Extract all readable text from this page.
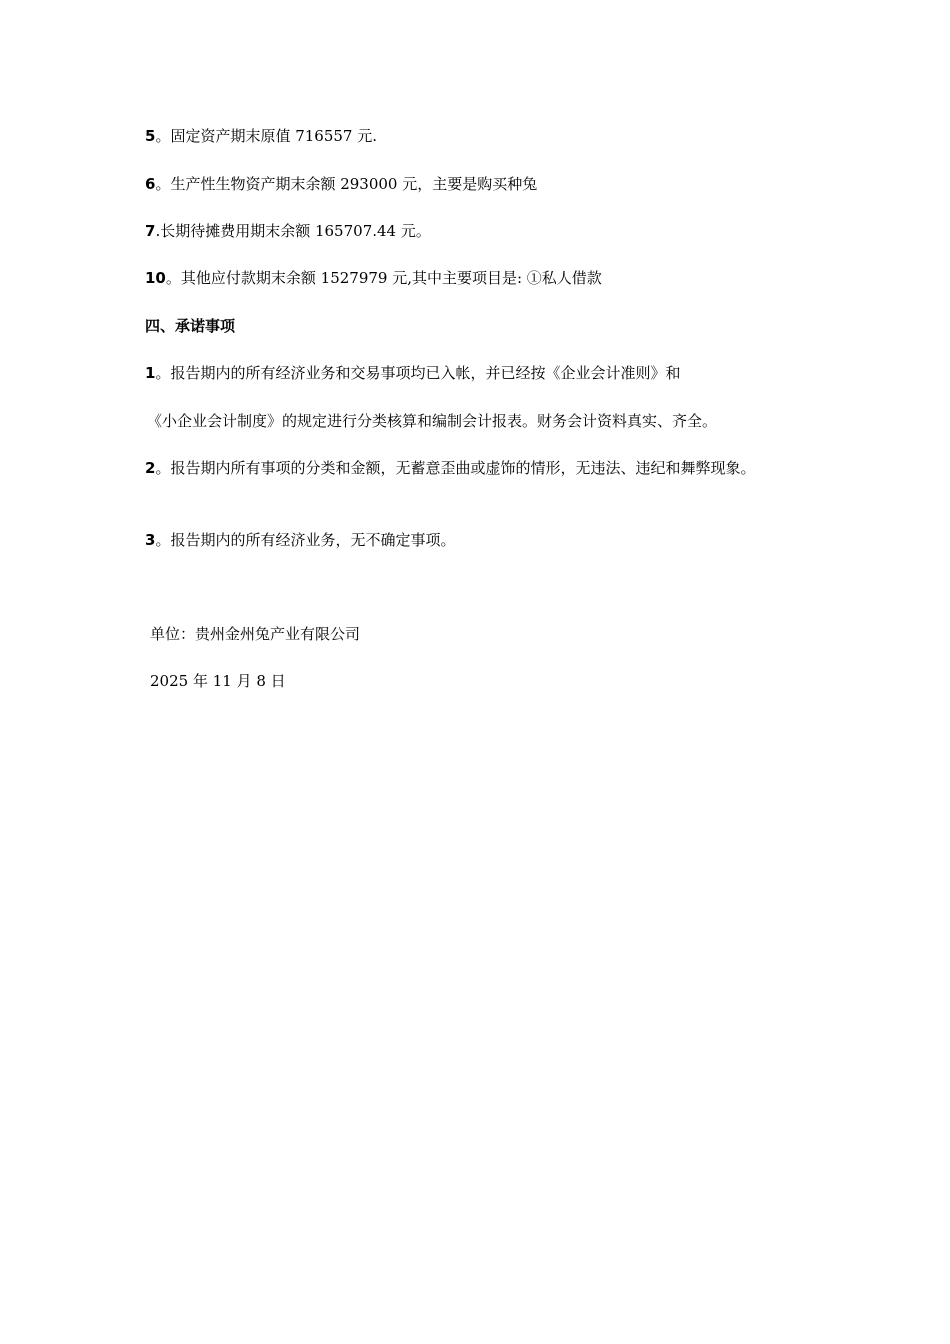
5。固定资产期末原值 716557 元.
6。生产性生物资产期末余额 293000 元，主要是购买种兔
7.长期待摊费用期末余额 165707.44 元。
10。其他应付款期末余额 1527979 元,其中主要项目是: ①私人借款
四、承诺事项
1。报告期内的所有经济业务和交易事项均已入帐，并已经按《企业会计准则》和
《小企业会计制度》的规定进行分类核算和编制会计报表。财务会计资料真实、齐全。
2。报告期内所有事项的分类和金额，无蓄意歪曲或虚饰的情形，无违法、违纪和舞弊现象。
3。报告期内的所有经济业务，无不确定事项。
单位：贵州金州兔产业有限公司
2025 年 11 月 8 日
